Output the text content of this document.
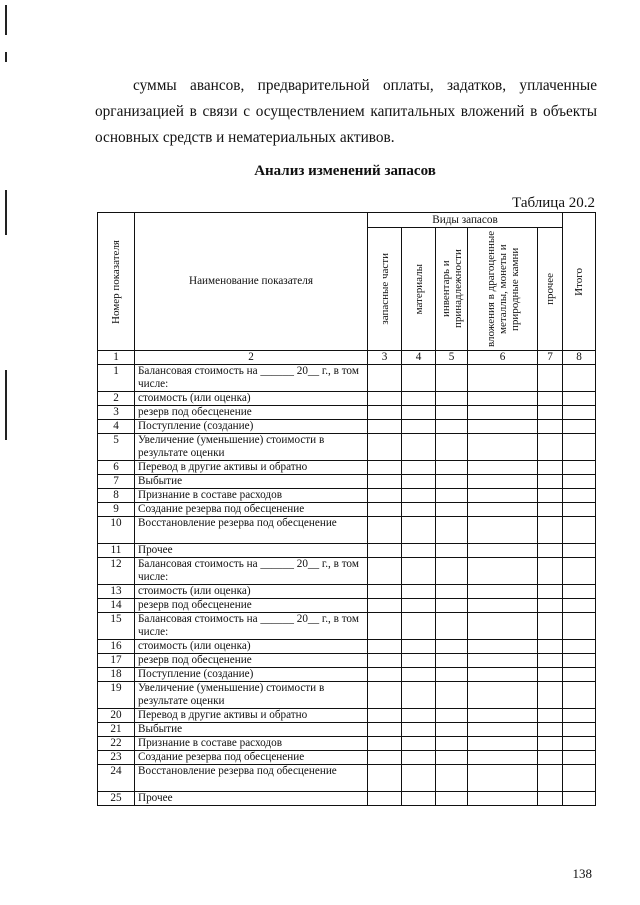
суммы авансов, предварительной оплаты, задатков, уплаченные организацией в связи с осуществлением капитальных вложений в объекты основных средств и нематериальных активов.
Анализ изменений запасов
Таблица 20.2
Номер показателя	Наименование показателя	Виды запасов					Итого

		запасные части	материалы	инвентарь и принадлежности	вложения в драгоценные металлы, монеты и природные камни	прочее	

1	2	3	4	5	6	7	8
1	Балансовая стоимость на ______ 20__ г., в том числе:						
2	стоимость (или оценка)						
3	резерв под обесценение						
4	Поступление (создание)						
5	Увеличение (уменьшение) стоимости в результате оценки						
6	Перевод в другие активы и обратно						
7	Выбытие						
8	Признание в составе расходов						
9	Создание резерва под обесценение						
10	Восстановление резерва под обесценение						
11	Прочее						
12	Балансовая стоимость на ______ 20__ г., в том числе:						
13	стоимость (или оценка)						
14	резерв под обесценение						
15	Балансовая стоимость на ______ 20__ г., в том числе:						
16	стоимость (или оценка)						
17	резерв под обесценение						
18	Поступление (создание)						
19	Увеличение (уменьшение) стоимости в результате оценки						
20	Перевод в другие активы и обратно						
21	Выбытие						
22	Признание в составе расходов						
23	Создание резерва под обесценение						
24	Восстановление резерва под обесценение						
25	Прочее						
138
